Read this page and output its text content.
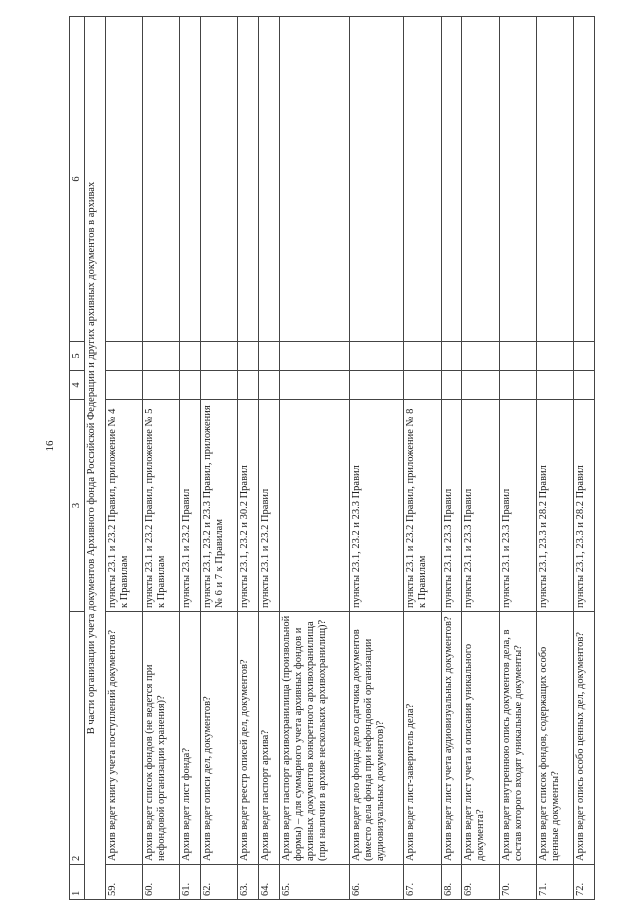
16
1	2	3	4	5	6
В части организации учета документов Архивного фонда Российской Федерации и других архивных документов в архивах					
59.	Архив ведет книгу учета поступлений документов?	пункты 23.1 и 23.2 Правил, приложение № 4 к Правилам			
60.	Архив ведет список фондов (не ведется при нефондовой организации хранения)?	пункты 23.1 и 23.2 Правил, приложение № 5 к Правилам			
61.	Архив ведет лист фонда?	пункты 23.1 и 23.2 Правил			
62.	Архив ведет описи дел, документов?	пункты 23.1, 23.2 и 23.3 Правил, приложения № 6 и 7 к Правилам			
63.	Архив ведет реестр описей дел, документов?	пункты 23.1, 23.2 и 30.2 Правил			
64.	Архив ведет паспорт архива?	пункты 23.1 и 23.2 Правил			
65.	Архив ведет паспорт архивохранилища (произвольной формы) – для суммарного учета архивных фондов и архивных документов конкретного архивохранилища (при наличии в архиве нескольких архивохранилищ)?				
66.	Архив ведет дело фонда; дело сдатчика документов (вместо дела фонда при нефондовой организации аудиовизуальных документов)?	пункты 23.1, 23.2 и 23.3 Правил			
67.	Архив ведет лист-заверитель дела?	пункты 23.1 и 23.2 Правил, приложение № 8 к Правилам			
68.	Архив ведет лист учета аудиовизуальных документов?	пункты 23.1 и 23.3 Правил			
69.	Архив ведет лист учета и описания уникального документа?	пункты 23.1 и 23.3 Правил			
70.	Архив ведет внутреннюю опись документов дела, в состав которого входят уникальные документы?	пункты 23.1 и 23.3 Правил			
71.	Архив ведет список фондов, содержащих особо ценные документы?	пункты 23.1, 23.3 и 28.2 Правил			
72.	Архив ведет опись особо ценных дел, документов?	пункты 23.1, 23.3 и 28.2 Правил			
